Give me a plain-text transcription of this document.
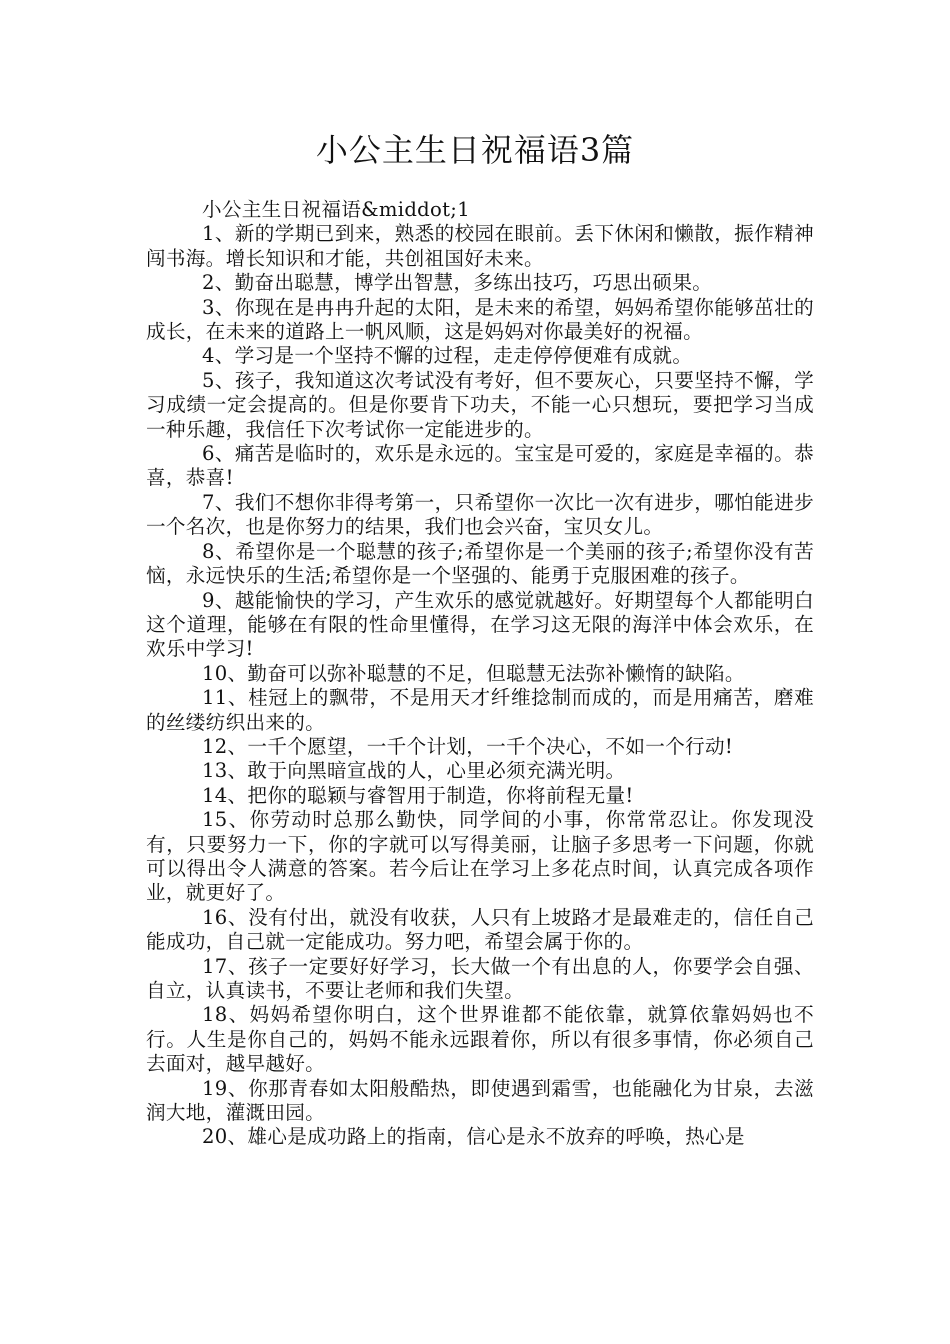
小公主生日祝福语3篇

小公主生日祝福语&middot;1

1、新的学期已到来，熟悉的校园在眼前。丢下休闲和懒散，振作精神闯书海。增长知识和才能，共创祖国好未来。

2、勤奋出聪慧，博学出智慧，多练出技巧，巧思出硕果。

3、你现在是冉冉升起的太阳，是未来的希望，妈妈希望你能够茁壮的成长，在未来的道路上一帆风顺，这是妈妈对你最美好的祝福。

4、学习是一个坚持不懈的过程，走走停停便难有成就。

5、孩子，我知道这次考试没有考好，但不要灰心，只要坚持不懈，学习成绩一定会提高的。但是你要肯下功夫，不能一心只想玩，要把学习当成一种乐趣，我信任下次考试你一定能进步的。

6、痛苦是临时的，欢乐是永远的。宝宝是可爱的，家庭是幸福的。恭喜，恭喜!

7、我们不想你非得考第一，只希望你一次比一次有进步，哪怕能进步一个名次，也是你努力的结果，我们也会兴奋，宝贝女儿。

8、希望你是一个聪慧的孩子;希望你是一个美丽的孩子;希望你没有苦恼，永远快乐的生活;希望你是一个坚强的、能勇于克服困难的孩子。

9、越能愉快的学习，产生欢乐的感觉就越好。好期望每个人都能明白这个道理，能够在有限的性命里懂得，在学习这无限的海洋中体会欢乐，在欢乐中学习!

10、勤奋可以弥补聪慧的不足，但聪慧无法弥补懒惰的缺陷。

11、桂冠上的飘带，不是用天才纤维捻制而成的，而是用痛苦，磨难的丝缕纺织出来的。

12、一千个愿望，一千个计划，一千个决心，不如一个行动!

13、敢于向黑暗宣战的人，心里必须充满光明。

14、把你的聪颖与睿智用于制造，你将前程无量!

15、你劳动时总那么勤快，同学间的小事，你常常忍让。你发现没有，只要努力一下，你的字就可以写得美丽，让脑子多思考一下问题，你就可以得出令人满意的答案。若今后让在学习上多花点时间，认真完成各项作业，就更好了。

16、没有付出，就没有收获，人只有上坡路才是最难走的，信任自己能成功，自己就一定能成功。努力吧，希望会属于你的。

17、孩子一定要好好学习，长大做一个有出息的人，你要学会自强、自立，认真读书，不要让老师和我们失望。

18、妈妈希望你明白，这个世界谁都不能依靠，就算依靠妈妈也不行。人生是你自己的，妈妈不能永远跟着你，所以有很多事情，你必须自己去面对，越早越好。

19、你那青春如太阳般酷热，即使遇到霜雪，也能融化为甘泉，去滋润大地，灌溉田园。

20、雄心是成功路上的指南，信心是永不放弃的呼唤，热心是
